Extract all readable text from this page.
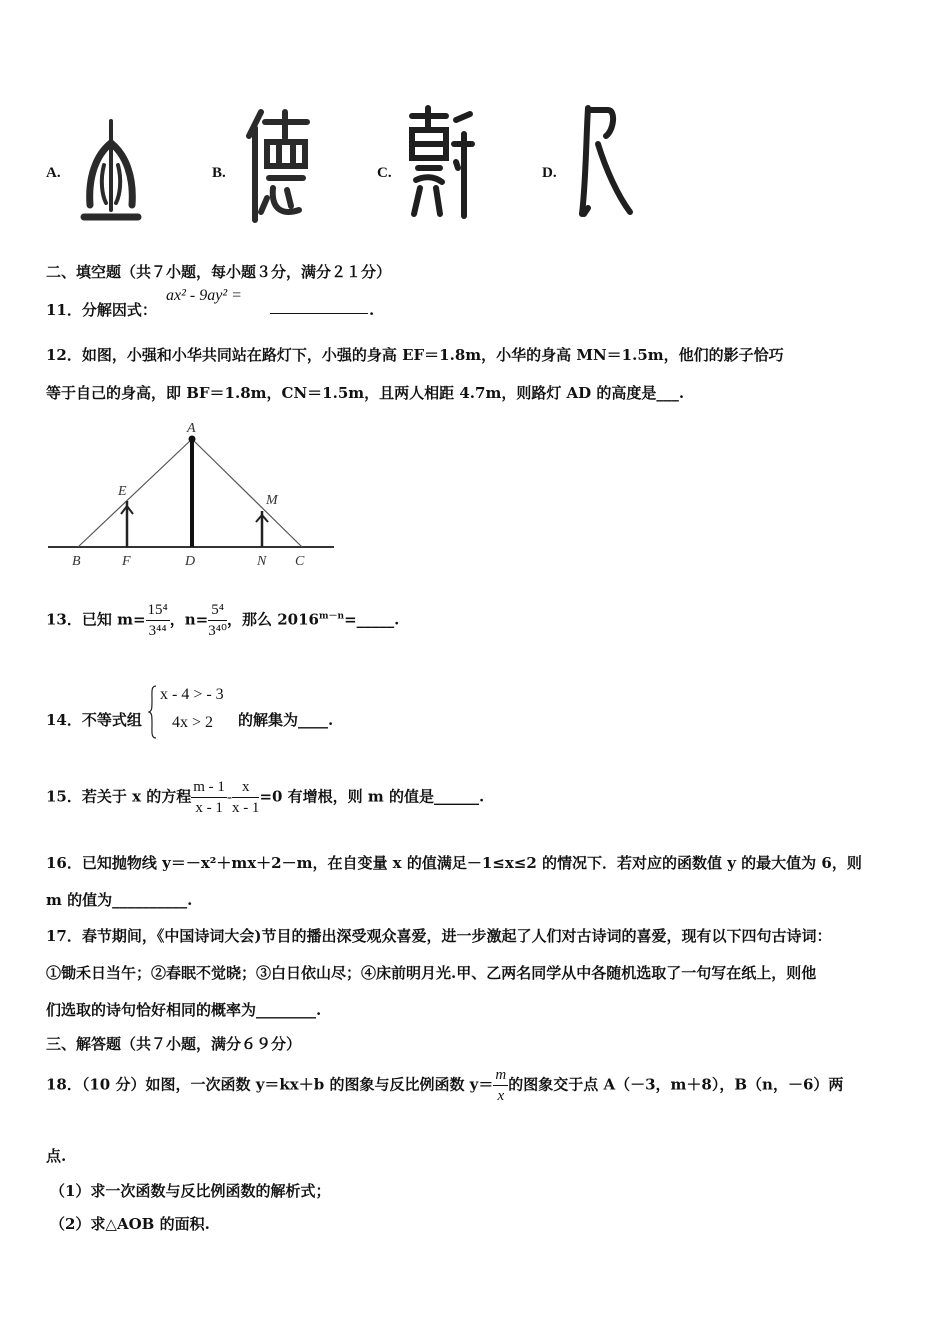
A.	B.	C.	D.
二、填空题（共７小题，每小题３分，满分２１分）
11．分解因式：
ax² - 9ay² =
.
12．如图，小强和小华共同站在路灯下，小强的身高 EF＝1.8m，小华的身高 MN＝1.5m，他们的影子恰巧
等于自己的身高，即 BF＝1.8m，CN＝1.5m，且两人相距 4.7m，则路灯 AD 的高度是___.
A
E
M
B	F	D	N C
13．已知 $m= \frac{\text{15⁴}}{\text{3⁴⁴}}$ ，$n= \frac{\text{5⁴}}{\text{3⁴⁰}}$ ，那么 $2016^{m-n}=\_\_\_\_\_$.
14．不等式组
x - 4 > - 3
4x > 2 的解集为____.
15．若关于 x 的方程 $\frac{m - 1}{x - 1} - \frac{x}{x - 1} =0$ 有增根，则 m 的值是______.
16．已知抛物线 y＝－x²＋mx＋2－m，在自变量 x 的值满足－1≤x≤2 的情况下．若对应的函数值 y 的最大值为 6，则
m 的值为__________.
17．春节期间，《中国诗词大会)节目的播出深受观众喜爱，进一步激起了人们对古诗词的喜爱，现有以下四句古诗词：
①锄禾日当午；②春眠不觉晓；③白日依山尽；④床前明月光.甲、乙两名同学从中各随机选取了一句写在纸上，则他
们选取的诗句恰好相同的概率为________.
三、解答题（共７小题，满分６９分）
18．（10 分）如图，一次函数 y＝kx＋b 的图象与反比例函数 $y= \frac{m}{x}$ 的图象交于点 A（－3，m＋8），B（n，－6）两
点.
（1）求一次函数与反比例函数的解析式；
（2）求△AOB 的面积.
